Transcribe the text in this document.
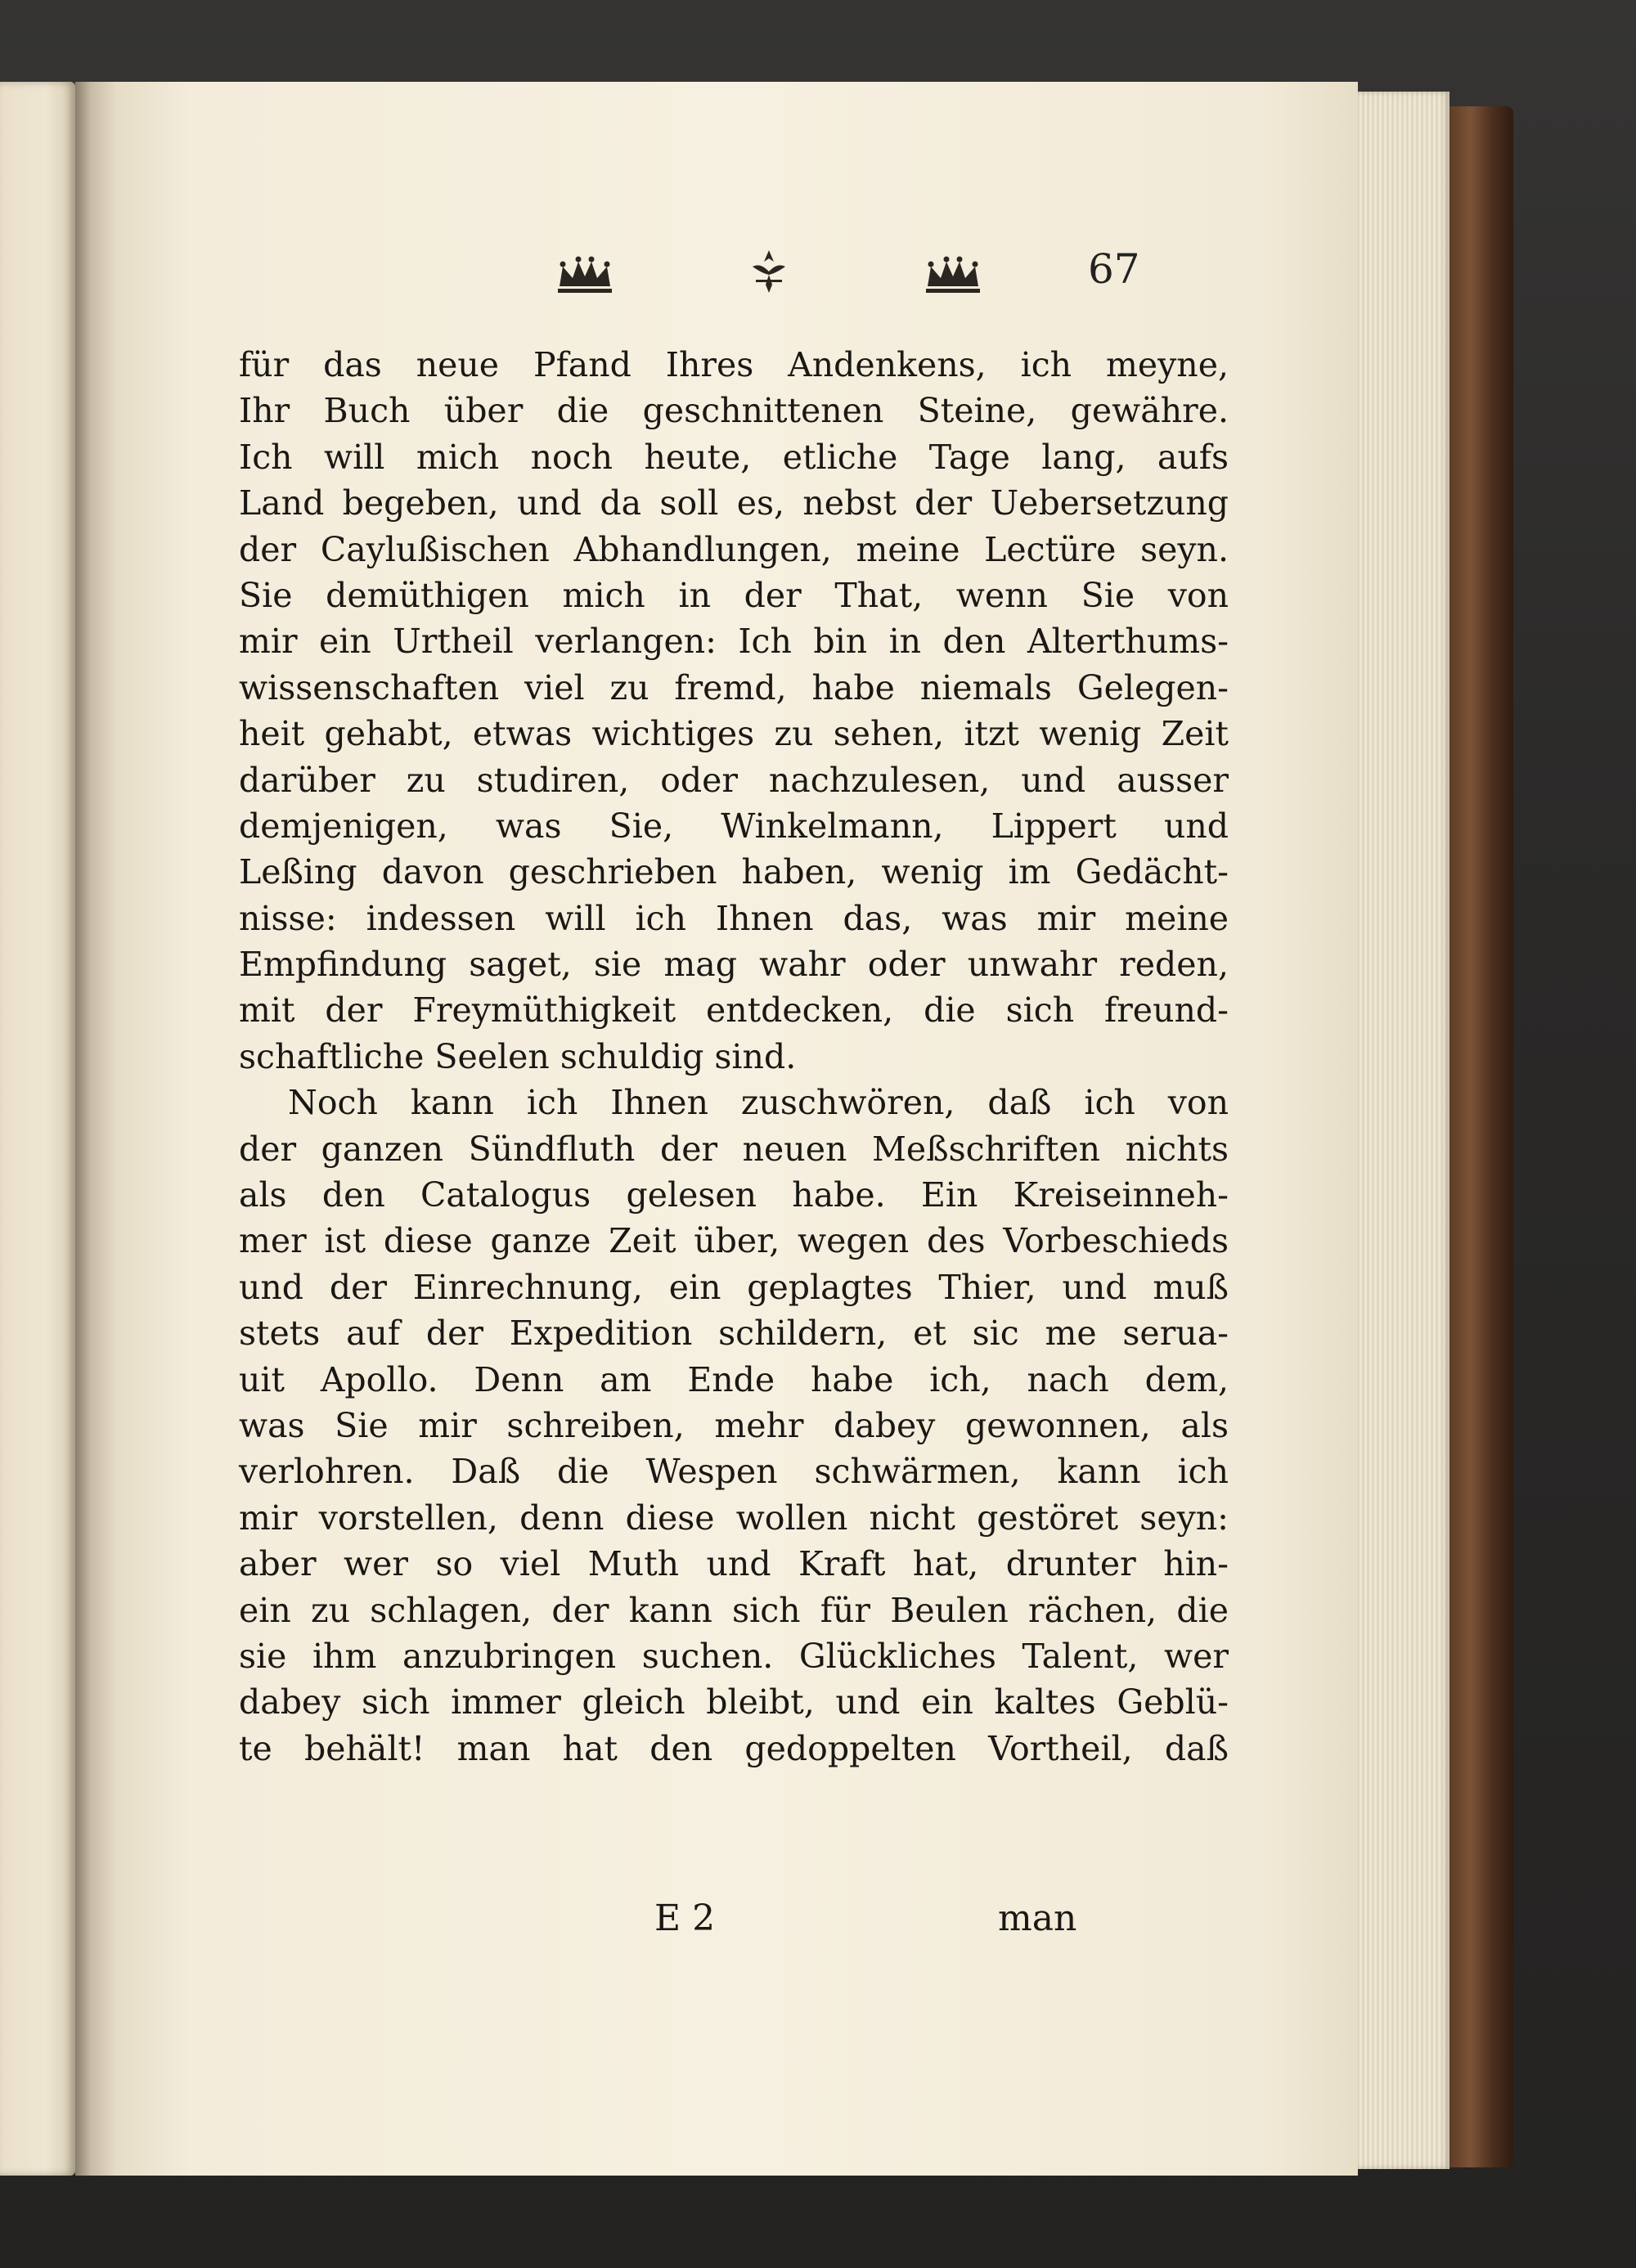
67
für das neue Pfand Ihres Andenkens, ich meyne,
Ihr Buch über die geschnittenen Steine, gewähre.
Ich will mich noch heute, etliche Tage lang, aufs
Land begeben, und da soll es, nebst der Uebersetzung
der Caylußischen Abhandlungen, meine Lectüre seyn.
Sie demüthigen mich in der That, wenn Sie von
mir ein Urtheil verlangen: Ich bin in den Alterthums-
wissenschaften viel zu fremd, habe niemals Gelegen-
heit gehabt, etwas wichtiges zu sehen, itzt wenig Zeit
darüber zu studiren, oder nachzulesen, und ausser
demjenigen, was Sie, Winkelmann, Lippert und
Leßing davon geschrieben haben, wenig im Gedächt-
nisse: indessen will ich Ihnen das, was mir meine
Empfindung saget, sie mag wahr oder unwahr reden,
mit der Freymüthigkeit entdecken, die sich freund-
schaftliche Seelen schuldig sind.
Noch kann ich Ihnen zuschwören, daß ich von
der ganzen Sündfluth der neuen Meßschriften nichts
als den Catalogus gelesen habe. Ein Kreiseinneh-
mer ist diese ganze Zeit über, wegen des Vorbeschieds
und der Einrechnung, ein geplagtes Thier, und muß
stets auf der Expedition schildern, et sic me serua-
uit Apollo. Denn am Ende habe ich, nach dem,
was Sie mir schreiben, mehr dabey gewonnen, als
verlohren. Daß die Wespen schwärmen, kann ich
mir vorstellen, denn diese wollen nicht gestöret seyn:
aber wer so viel Muth und Kraft hat, drunter hin-
ein zu schlagen, der kann sich für Beulen rächen, die
sie ihm anzubringen suchen. Glückliches Talent, wer
dabey sich immer gleich bleibt, und ein kaltes Geblü-
te behält! man hat den gedoppelten Vortheil, daß
E 2	man
